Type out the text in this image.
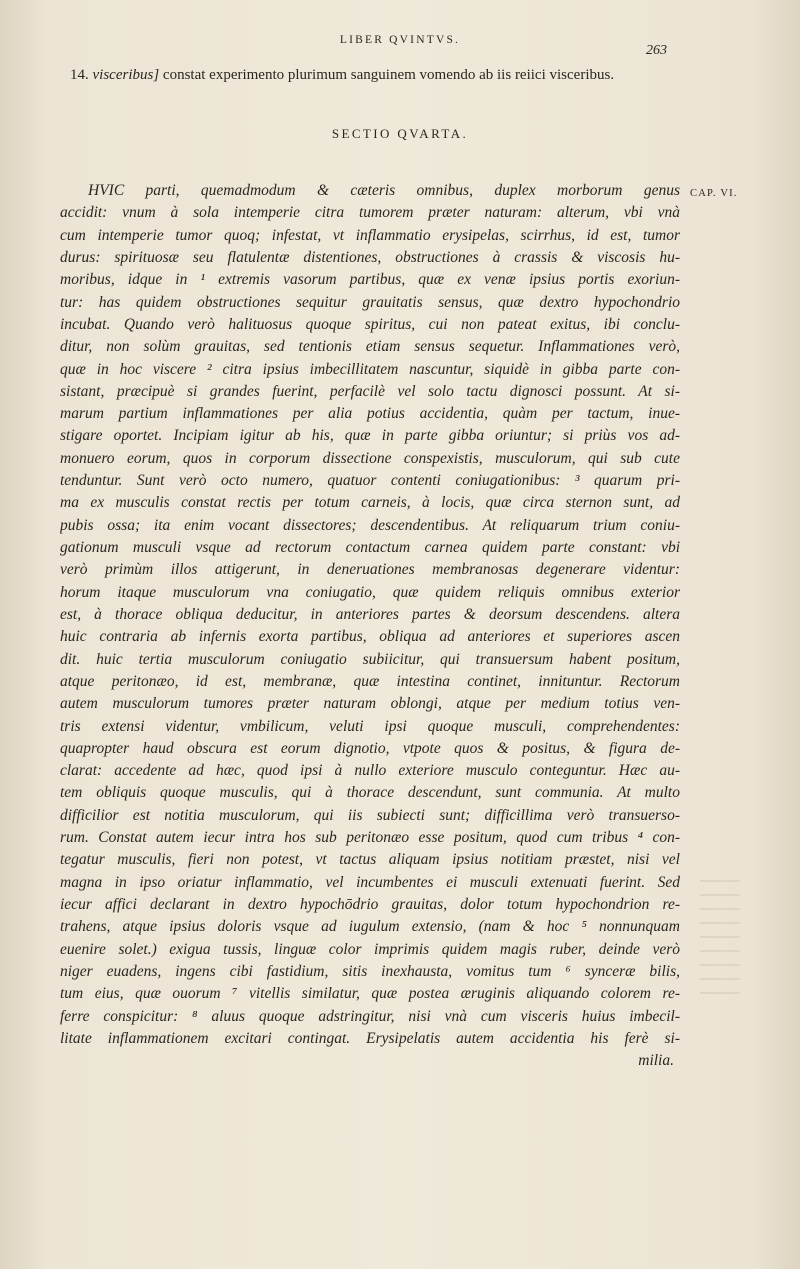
LIBER QVINTVS.
263
14. visceribus] constat experimento plurimum sanguinem vomendo ab iis reiici visceribus.
SECTIO QVARTA.
CAP. VI.
HVIC parti, quemadmodum & cæteris omnibus, duplex morborum genus
accidit: vnum à sola intemperie citra tumorem præter naturam: alterum, vbi vnà
cum intemperie tumor quoq; infestat, vt inflammatio erysipelas, scirrhus, id est, tumor
durus: spirituosæ seu flatulentæ distentiones, obstructiones à crassis & viscosis hu-
moribus, idque in ¹ extremis vasorum partibus, quæ ex venæ ipsius portis exoriun-
tur: has quidem obstructiones sequitur grauitatis sensus, quæ dextro hypochondrio
incubat. Quando verò halituosus quoque spiritus, cui non pateat exitus, ibi conclu-
ditur, non solùm grauitas, sed tentionis etiam sensus sequetur. Inflammationes verò,
quæ in hoc viscere ² citra ipsius imbecillitatem nascuntur, siquidè in gibba parte con-
sistant, præcipuè si grandes fuerint, perfacilè vel solo tactu dignosci possunt. At si-
marum partium inflammationes per alia potius accidentia, quàm per tactum, inue-
stigare oportet. Incipiam igitur ab his, quæ in parte gibba oriuntur; si priùs vos ad-
monuero eorum, quos in corporum dissectione conspexistis, musculorum, qui sub cute
tenduntur. Sunt verò octo numero, quatuor contenti coniugationibus: ³ quarum pri-
ma ex musculis constat rectis per totum carneis, à locis, quæ circa sternon sunt, ad
pubis ossa; ita enim vocant dissectores; descendentibus. At reliquarum trium coniu-
gationum musculi vsque ad rectorum contactum carnea quidem parte constant: vbi
verò primùm illos attigerunt, in deneruationes membranosas degenerare videntur:
horum itaque musculorum vna coniugatio, quæ quidem reliquis omnibus exterior
est, à thorace obliqua deducitur, in anteriores partes & deorsum descendens. altera
huic contraria ab infernis exorta partibus, obliqua ad anteriores et superiores ascen
dit. huic tertia musculorum coniugatio subiicitur, qui transuersum habent positum,
atque peritonæo, id est, membranæ, quæ intestina continet, innituntur. Rectorum
autem musculorum tumores præter naturam oblongi, atque per medium totius ven-
tris extensi videntur, vmbilicum, veluti ipsi quoque musculi, comprehendentes:
quapropter haud obscura est eorum dignotio, vtpote quos & positus, & figura de-
clarat: accedente ad hæc, quod ipsi à nullo exteriore musculo conteguntur. Hæc au-
tem obliquis quoque musculis, qui à thorace descendunt, sunt communia. At multo
difficilior est notitia musculorum, qui iis subiecti sunt; difficillima verò transuerso-
rum. Constat autem iecur intra hos sub peritonæo esse positum, quod cum tribus ⁴ con-
tegatur musculis, fieri non potest, vt tactus aliquam ipsius notitiam præstet, nisi vel
magna in ipso oriatur inflammatio, vel incumbentes ei musculi extenuati fuerint. Sed
iecur affici declarant in dextro hypochōdrio grauitas, dolor totum hypochondrion re-
trahens, atque ipsius doloris vsque ad iugulum extensio, (nam & hoc ⁵ nonnunquam
euenire solet.) exigua tussis, linguæ color imprimis quidem magis ruber, deinde verò
niger euadens, ingens cibi fastidium, sitis inexhausta, vomitus tum ⁶ synceræ bilis,
tum eius, quæ ouorum ⁷ vitellis similatur, quæ postea æruginis aliquando colorem re-
ferre conspicitur: ⁸ aluus quoque adstringitur, nisi vnà cum visceris huius imbecil-
litate inflammationem excitari contingat. Erysipelatis autem accidentia his ferè si-
milia.
